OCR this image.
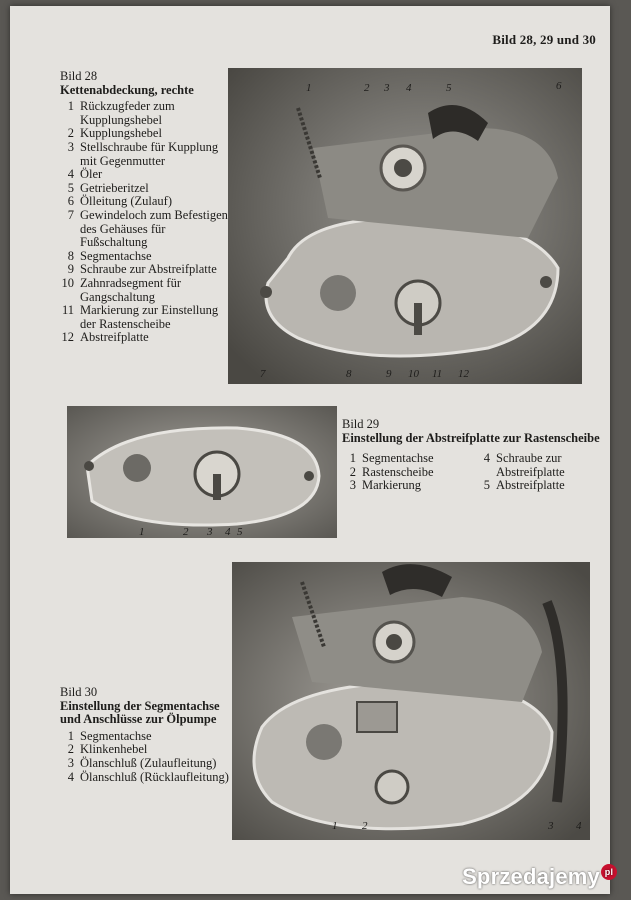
Bild 28, 29 und 30
Bild 28
Kettenabdeckung, rechte
1 Rückzugfeder zum Kupplungshebel
2 Kupplungshebel
3 Stellschraube für Kupplung mit Gegenmutter
4 Öler
5 Getrieberitzel
6 Ölleitung (Zulauf)
7 Gewindeloch zum Befestigen des Gehäuses für Fußschaltung
8 Segmentachse
9 Schraube zur Abstreifplatte
10 Zahnradsegment für Gangschaltung
11 Markierung zur Einstellung der Rastenscheibe
12 Abstreifplatte
1	2 3 4	5	6
7	8	9 10 11 12
1	2 3 4 5
Bild 29
Einstellung der Abstreifplatte zur Rastenscheibe
1 Segmentachse
2 Rastenscheibe
3 Markierung
4 Schraube zur Abstreifplatte
5 Abstreifplatte
1 2	3 4
Bild 30
Einstellung der Segmentachse und Anschlüsse zur Ölpumpe
1 Segmentachse
2 Klinkenhebel
3 Ölanschluß (Zulaufleitung)
4 Ölanschluß (Rücklaufleitung)
Sprzedajemy pl
